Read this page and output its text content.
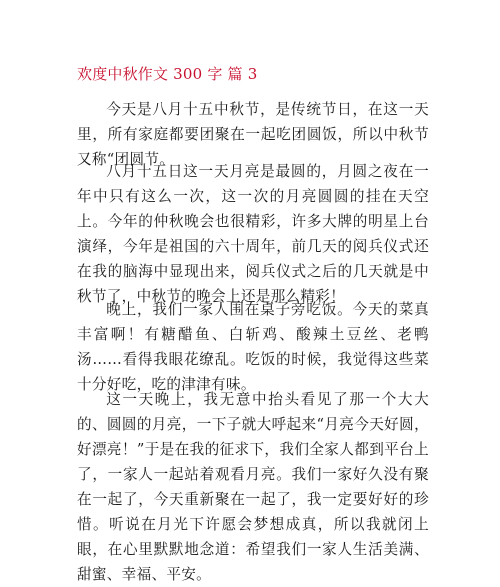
欢度中秋作文 300 字 篇 3

今天是八月十五中秋节，是传统节日，在这一天里，所有家庭都要团聚在一起吃团圆饭，所以中秋节又称“团圆节。

八月十五日这一天月亮是最圆的，月圆之夜在一年中只有这么一次，这一次的月亮圆圆的挂在天空上。今年的仲秋晚会也很精彩，许多大牌的明星上台演绎，今年是祖国的六十周年，前几天的阅兵仪式还在我的脑海中显现出来，阅兵仪式之后的几天就是中秋节了，中秋节的晚会上还是那么精彩！

晚上，我们一家人围在桌子旁吃饭。今天的菜真丰富啊！有糖醋鱼、白斩鸡、酸辣土豆丝、老鸭汤……看得我眼花缭乱。吃饭的时候，我觉得这些菜十分好吃，吃的津津有味。

这一天晚上，我无意中抬头看见了那一个大大的、圆圆的月亮，一下子就大呼起来“月亮今天好圆，好漂亮！”于是在我的征求下，我们全家人都到平台上了，一家人一起站着观看月亮。我们一家好久没有聚在一起了，今天重新聚在一起了，我一定要好好的珍惜。听说在月光下许愿会梦想成真，所以我就闭上眼，在心里默默地念道：希望我们一家人生活美满、甜蜜、幸福、平安。
